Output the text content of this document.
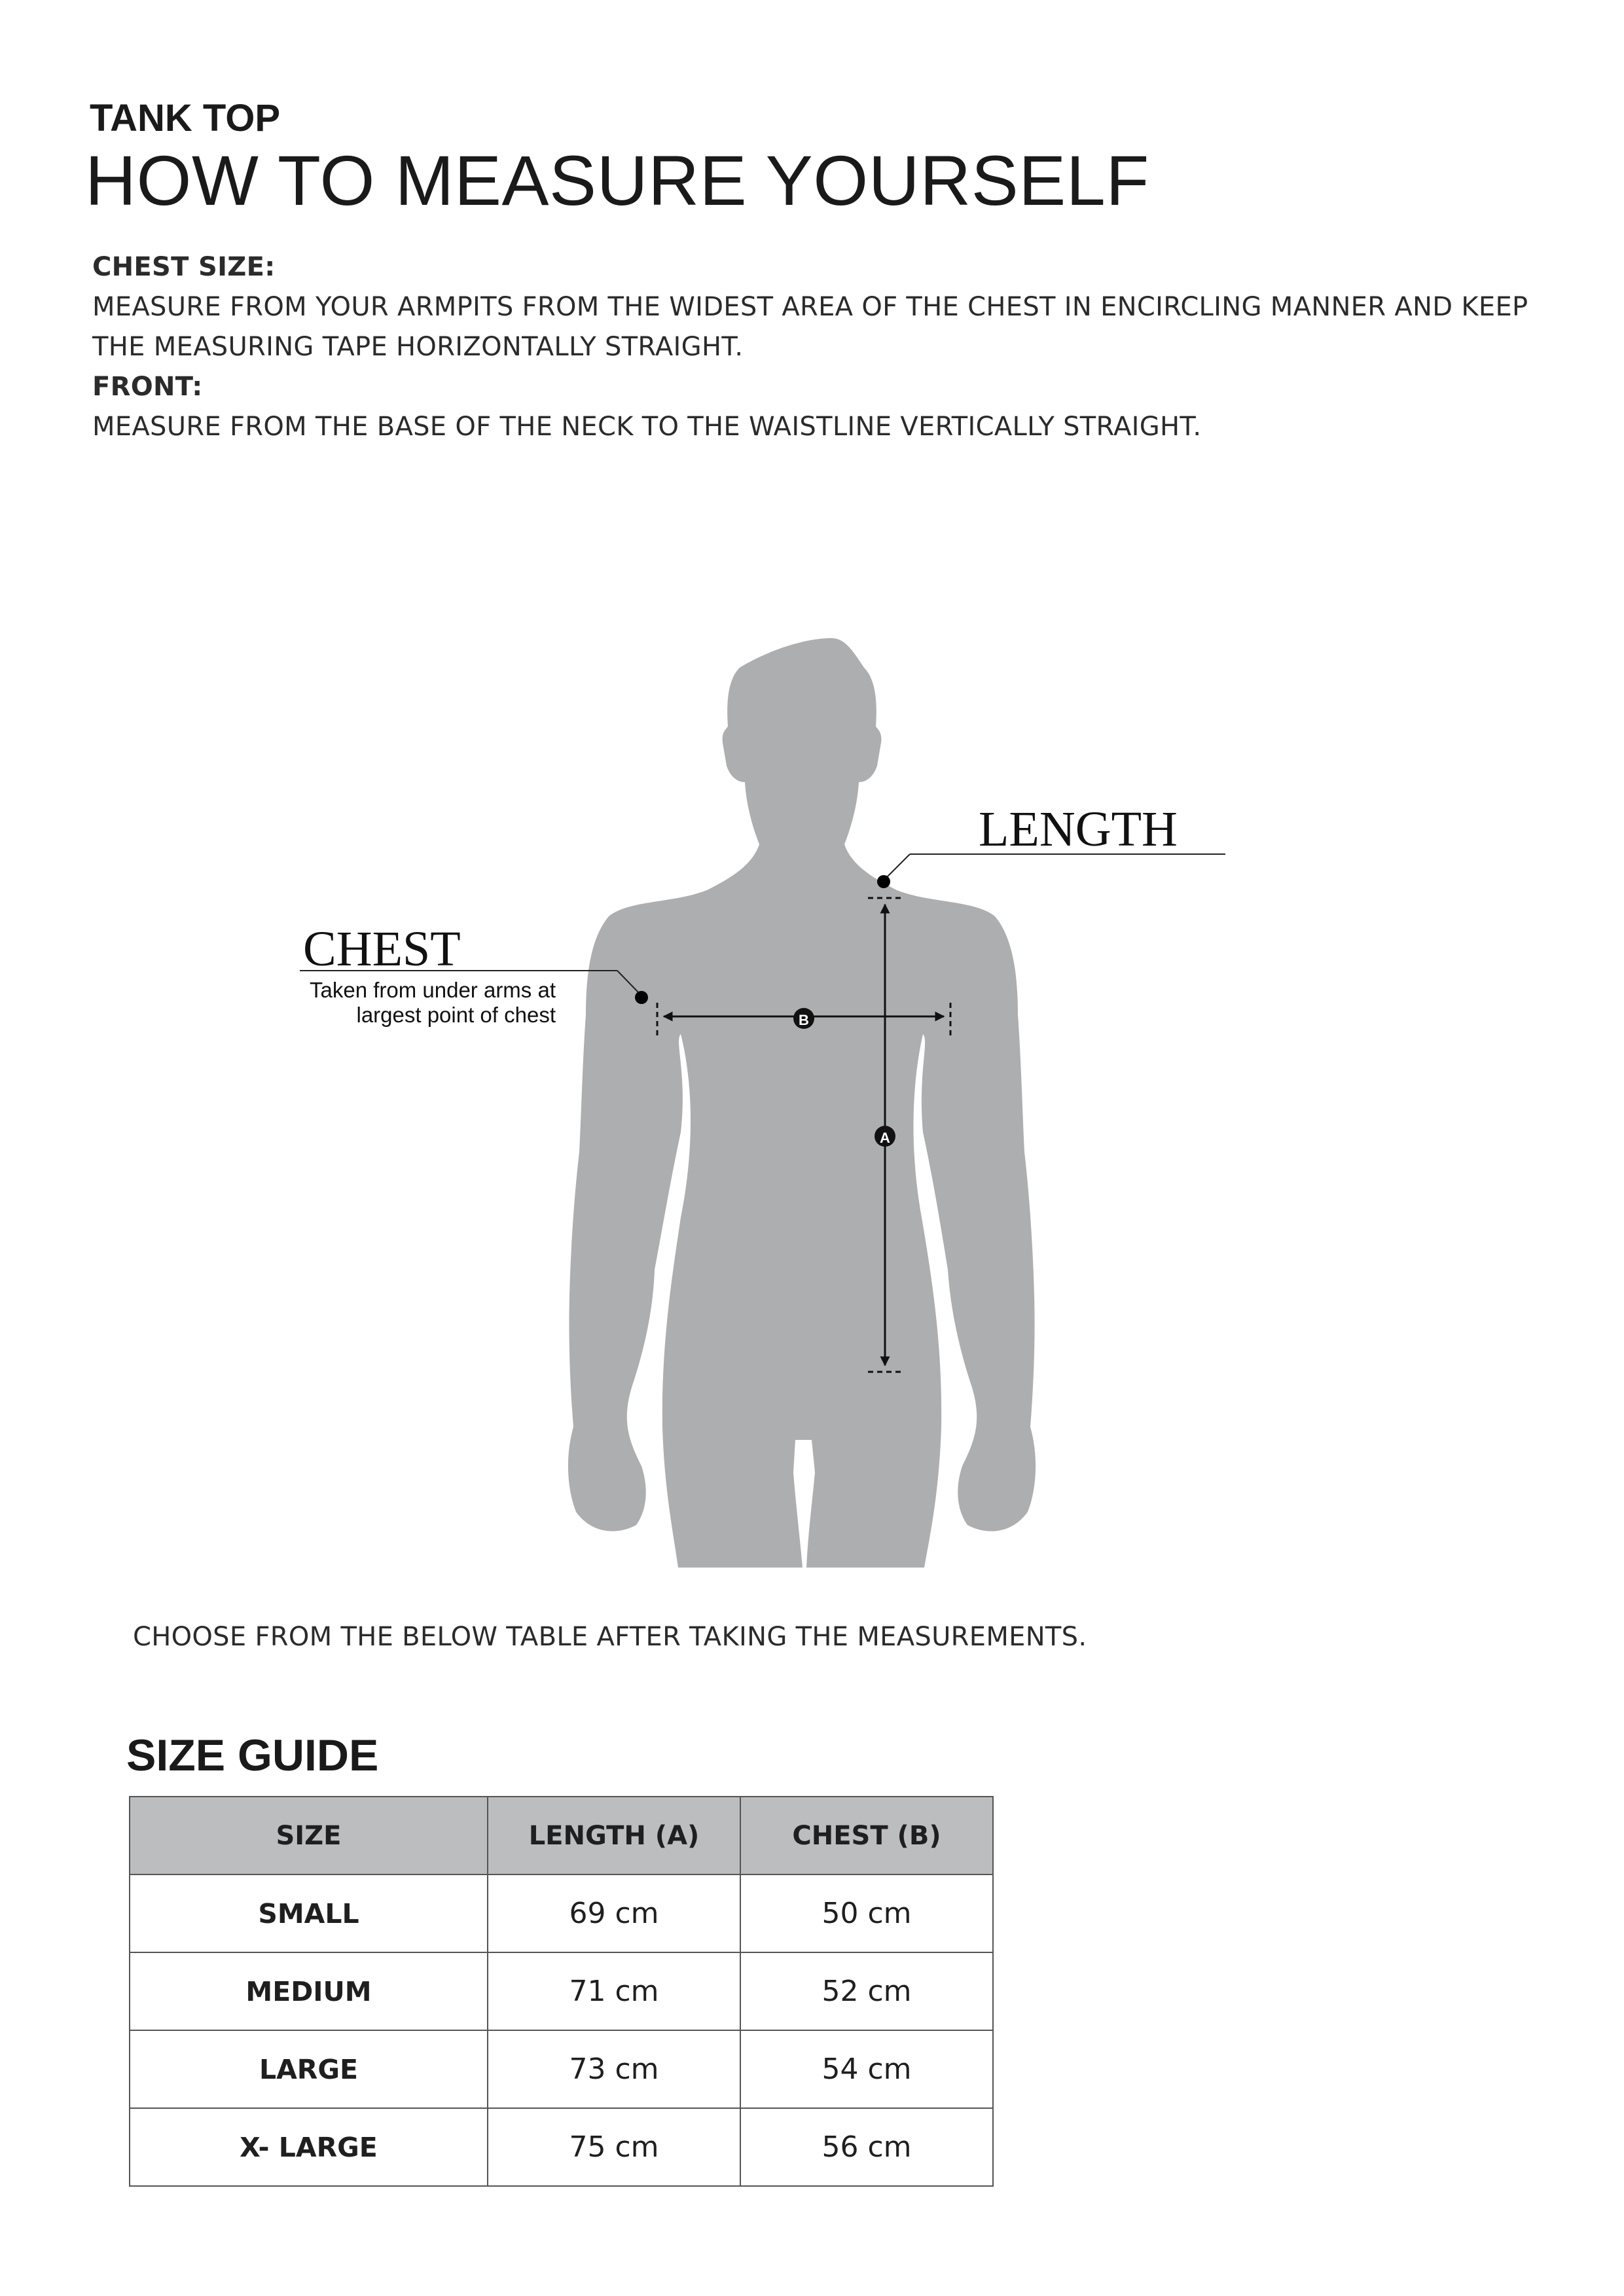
TANK TOP
HOW TO MEASURE YOURSELF
CHEST SIZE:
MEASURE FROM YOUR ARMPITS FROM THE WIDEST AREA OF THE CHEST IN ENCIRCLING MANNER AND KEEP
THE MEASURING TAPE HORIZONTALLY STRAIGHT.
FRONT:
MEASURE FROM THE BASE OF THE NECK TO THE WAISTLINE VERTICALLY STRAIGHT.
LENGTH
CHEST
Taken from under arms at
largest point of chest	B
A
CHOOSE FROM THE BELOW TABLE AFTER TAKING THE MEASUREMENTS.
SIZE GUIDE
SIZE	LENGTH (A)	CHEST (B)
SMALL	69 cm	50 cm
MEDIUM	71 cm	52 cm
LARGE	73 cm	54 cm
X- LARGE	75 cm	56 cm
